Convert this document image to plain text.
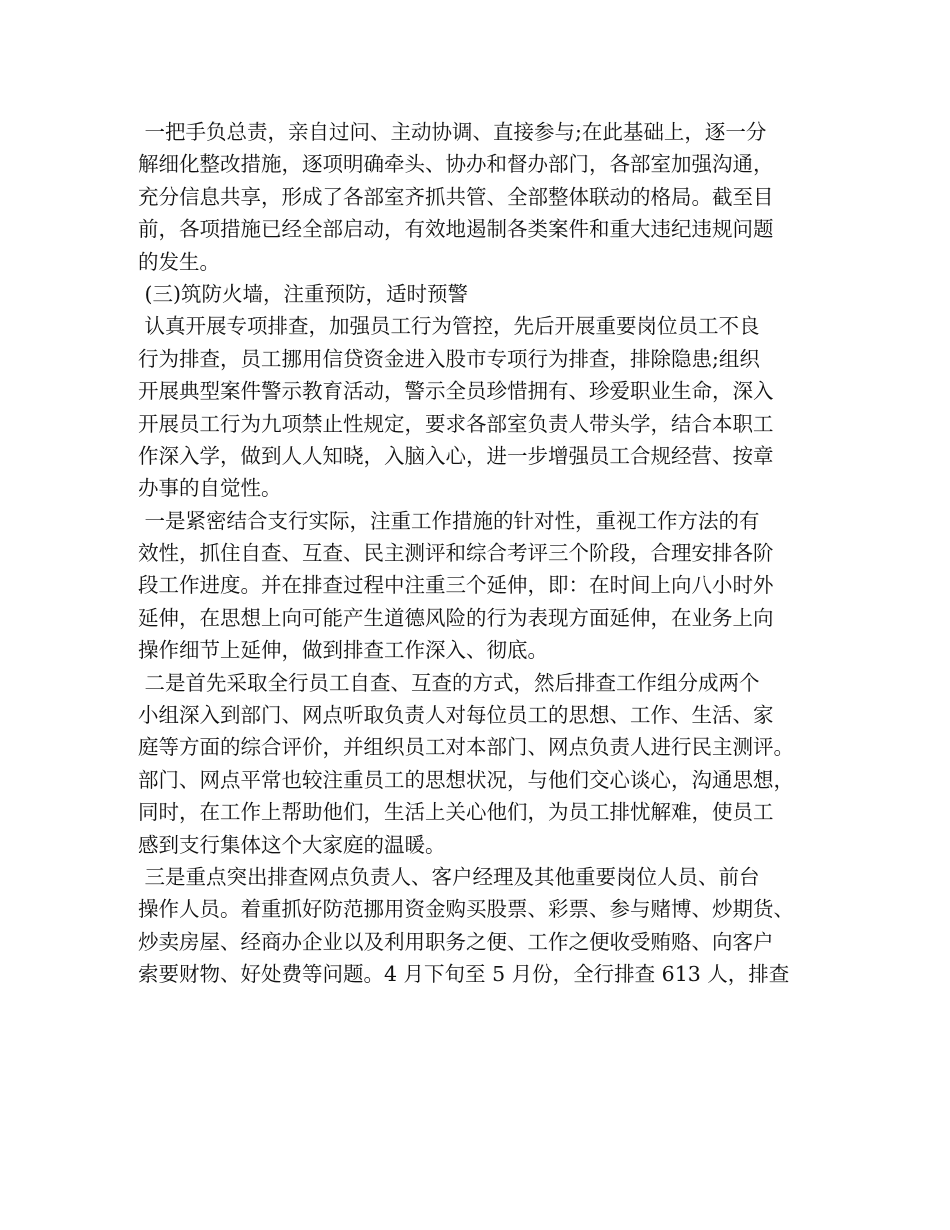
一把手负总责，亲自过问、主动协调、直接参与;在此基础上，逐一分
解细化整改措施，逐项明确牵头、协办和督办部门，各部室加强沟通，
充分信息共享，形成了各部室齐抓共管、全部整体联动的格局。截至目
前，各项措施已经全部启动，有效地遏制各类案件和重大违纪违规问题
的发生。
(三)筑防火墙，注重预防，适时预警
认真开展专项排查，加强员工行为管控，先后开展重要岗位员工不良
行为排查，员工挪用信贷资金进入股市专项行为排查，排除隐患;组织
开展典型案件警示教育活动，警示全员珍惜拥有、珍爱职业生命，深入
开展员工行为九项禁止性规定，要求各部室负责人带头学，结合本职工
作深入学，做到人人知晓，入脑入心，进一步增强员工合规经营、按章
办事的自觉性。
一是紧密结合支行实际，注重工作措施的针对性，重视工作方法的有
效性，抓住自查、互查、民主测评和综合考评三个阶段，合理安排各阶
段工作进度。并在排查过程中注重三个延伸，即：在时间上向八小时外
延伸，在思想上向可能产生道德风险的行为表现方面延伸，在业务上向
操作细节上延伸，做到排查工作深入、彻底。
二是首先采取全行员工自查、互查的方式，然后排查工作组分成两个
小组深入到部门、网点听取负责人对每位员工的思想、工作、生活、家
庭等方面的综合评价，并组织员工对本部门、网点负责人进行民主测评。
部门、网点平常也较注重员工的思想状况，与他们交心谈心，沟通思想，
同时，在工作上帮助他们，生活上关心他们，为员工排忧解难，使员工
感到支行集体这个大家庭的温暖。
三是重点突出排查网点负责人、客户经理及其他重要岗位人员、前台
操作人员。着重抓好防范挪用资金购买股票、彩票、参与赌博、炒期货、
炒卖房屋、经商办企业以及利用职务之便、工作之便收受贿赂、向客户
索要财物、好处费等问题。4 月下旬至 5 月份，全行排查 613 人，排查
